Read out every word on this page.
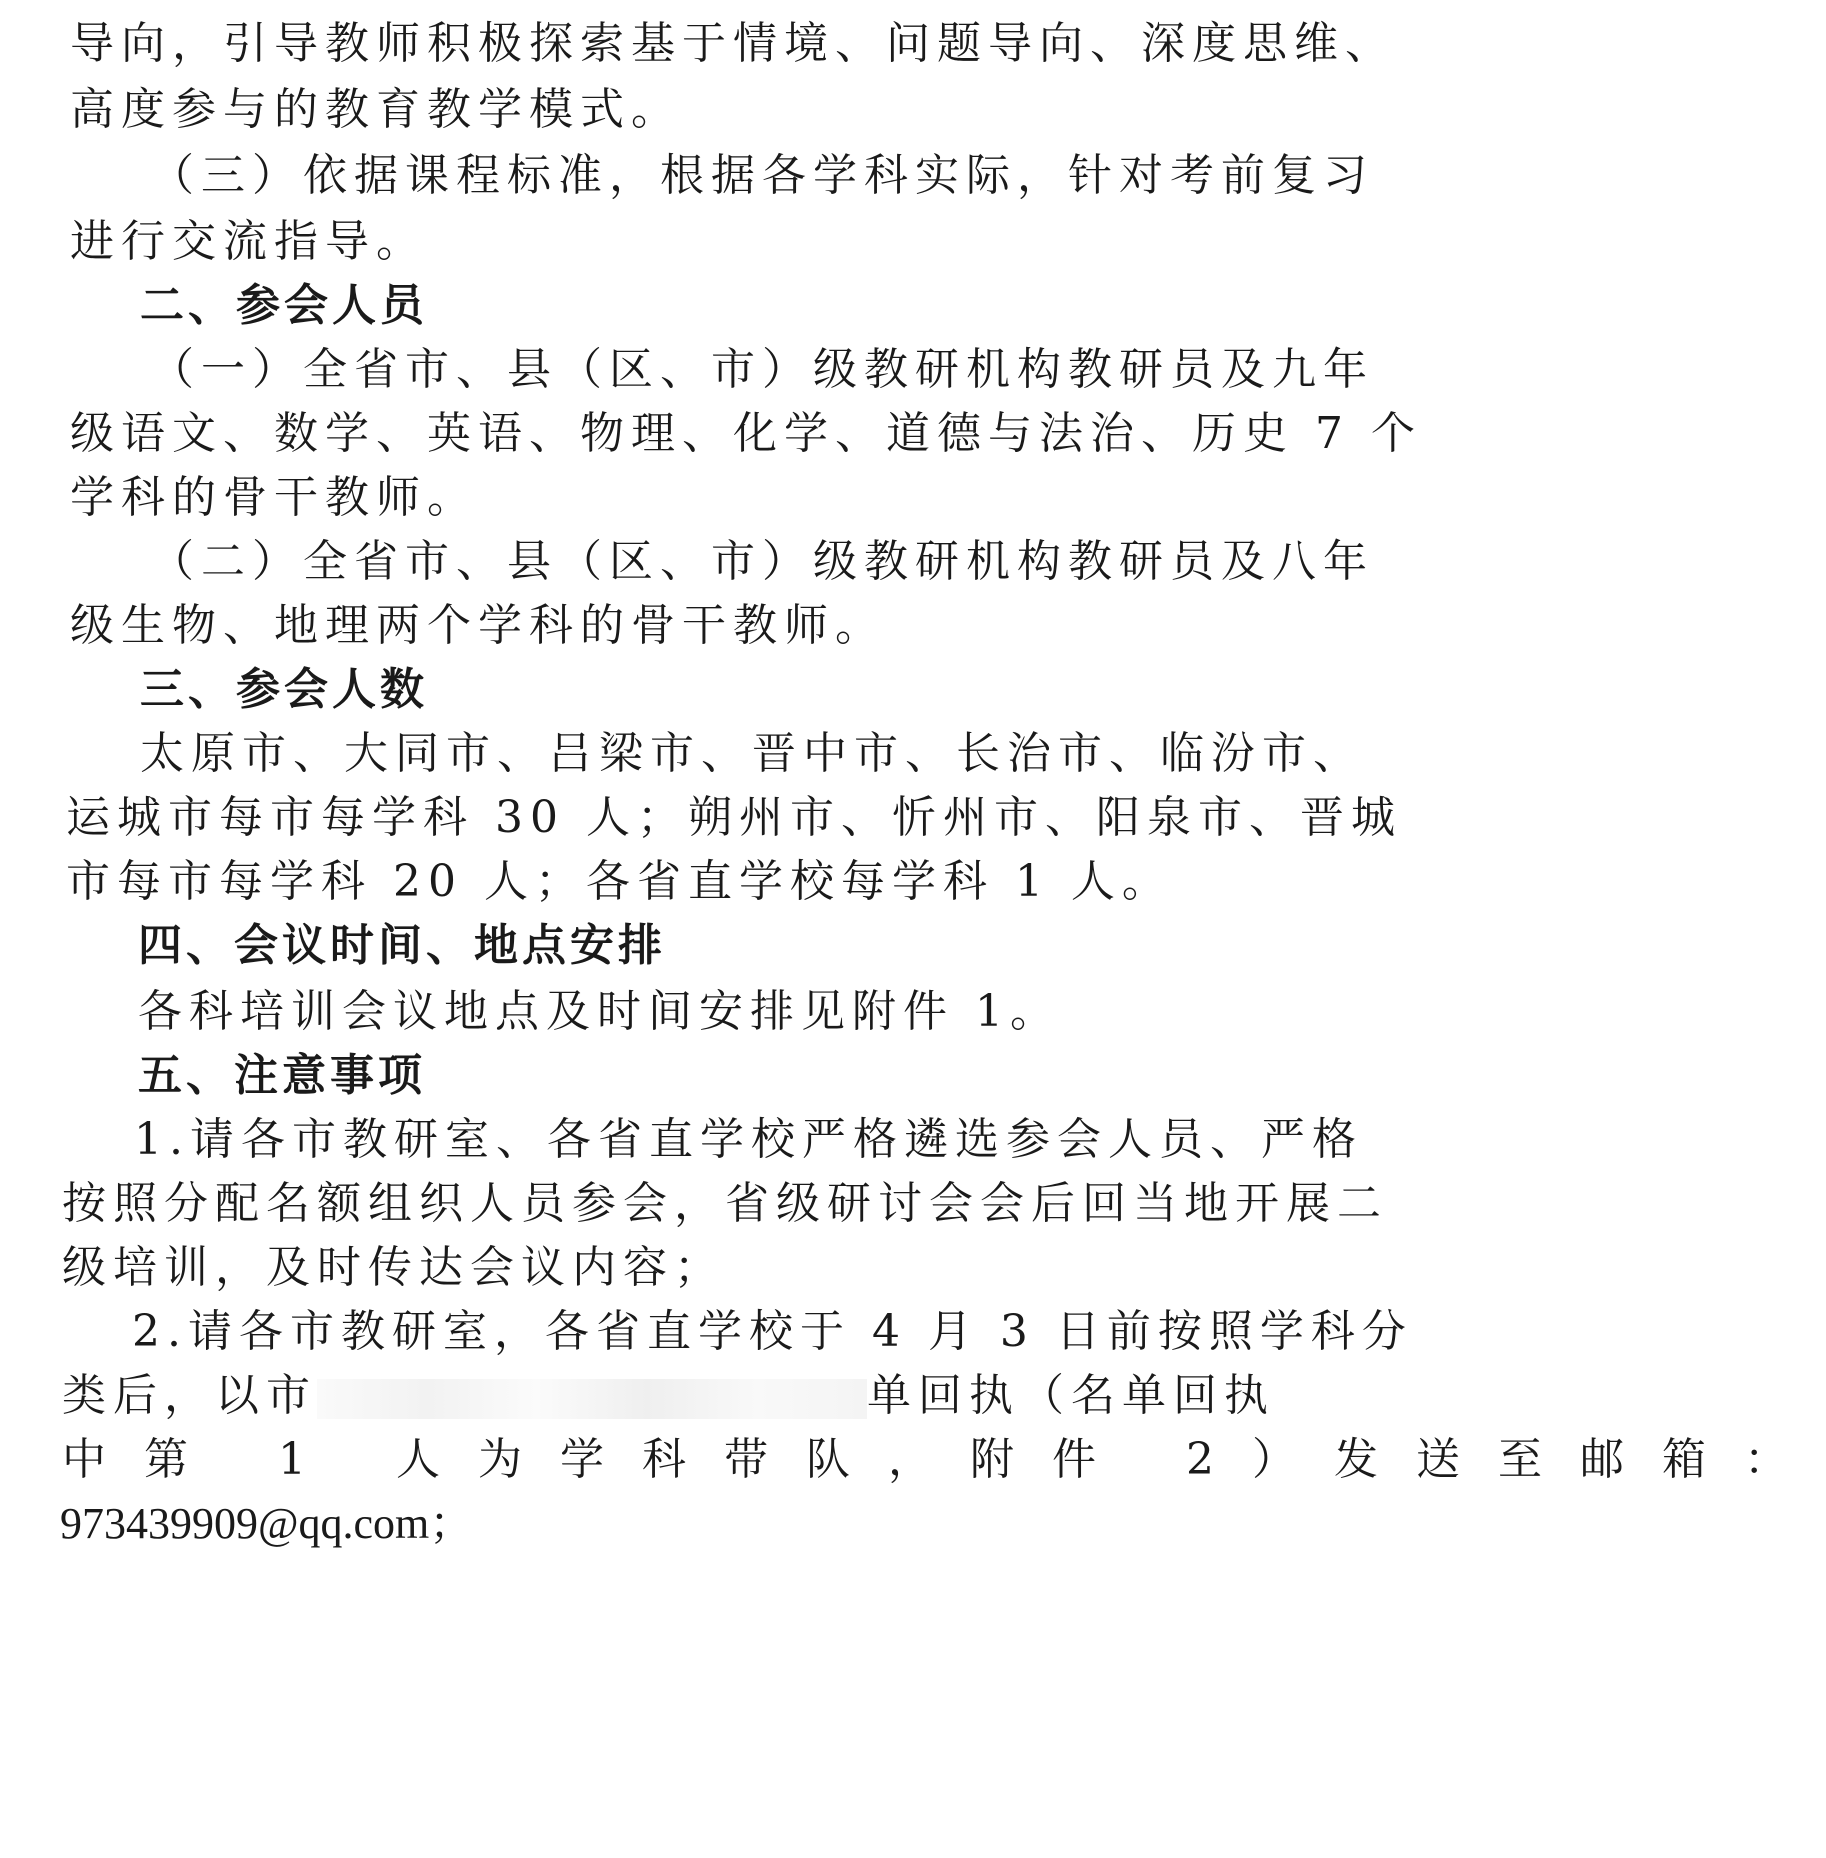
导向，引导教师积极探索基于情境、问题导向、深度思维、
高度参与的教育教学模式。
（三）依据课程标准，根据各学科实际，针对考前复习
进行交流指导。
二、参会人员
（一）全省市、县（区、市）级教研机构教研员及九年
级语文、数学、英语、物理、化学、道德与法治、历史 7 个
学科的骨干教师。
（二）全省市、县（区、市）级教研机构教研员及八年
级生物、地理两个学科的骨干教师。
三、参会人数
太原市、大同市、吕梁市、晋中市、长治市、临汾市、
运城市每市每学科 30 人；朔州市、忻州市、阳泉市、晋城
市每市每学科 20 人；各省直学校每学科 1 人。
四、会议时间、地点安排
各科培训会议地点及时间安排见附件 1。
五、注意事项
1.请各市教研室、各省直学校严格遴选参会人员、严格
按照分配名额组织人员参会，省级研讨会会后回当地开展二
级培训，及时传达会议内容；
2.请各市教研室，各省直学校于 4 月 3 日前按照学科分
类后，以市	单回执（名单回执
中第 1 人为学科带队，附件 2）发送至邮箱：
973439909@qq.com；
